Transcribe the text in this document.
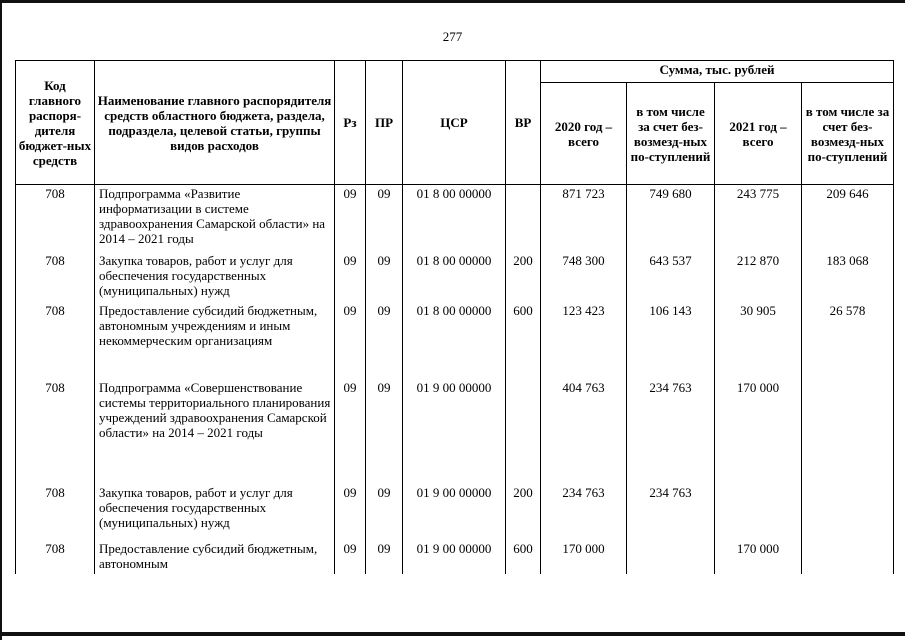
277
Код главного распоря-дителя бюджет-ных средств	Наименование главного распорядителя средств областного бюджета, раздела, подраздела, целевой статьи, группы видов расходов	Рз	ПР	ЦСР	ВР	Сумма, тыс. рублей			
						2020 год – всего	в том числе за счет без-возмезд-ных по-ступлений	2021 год – всего	в том числе за счет без-возмезд-ных по-ступлений
708	Подпрограмма «Развитие информатизации в системе здравоохранения Самарской области» на 2014 – 2021 годы	09	09	01 8 00 00000		871 723	749 680	243 775	209 646
708	Закупка товаров, работ и услуг для обеспечения государственных (муниципальных) нужд	09	09	01 8 00 00000	200	748 300	643 537	212 870	183 068
708	Предоставление субсидий бюджетным, автономным учреждениям и иным некоммерческим организациям	09	09	01 8 00 00000	600	123 423	106 143	30 905	26 578
708	Подпрограмма «Совершенствование системы территориального планирования учреждений здравоохранения Самарской области» на 2014 – 2021 годы	09	09	01 9 00 00000		404 763	234 763	170 000	
708	Закупка товаров, работ и услуг для обеспечения государственных (муниципальных) нужд	09	09	01 9 00 00000	200	234 763	234 763		
708	Предоставление субсидий бюджетным, автономным	09	09	01 9 00 00000	600	170 000		170 000	
